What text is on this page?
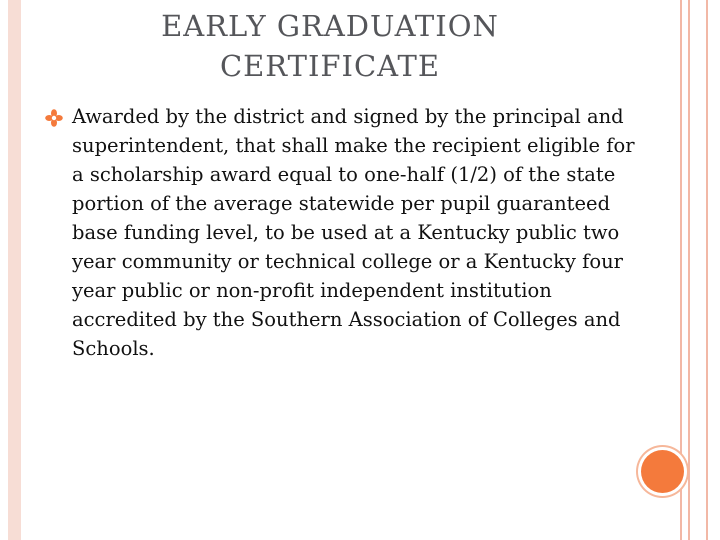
EARLY GRADUATION
CERTIFICATE
Awarded by the district and signed by the principal and superintendent, that shall make the recipient eligible for a scholarship award equal to one-half (1/2) of the state portion of the average statewide per pupil guaranteed base funding level, to be used at a Kentucky public two year community or technical college or a Kentucky four year public or non-profit independent institution accredited by the Southern Association of Colleges and Schools.
